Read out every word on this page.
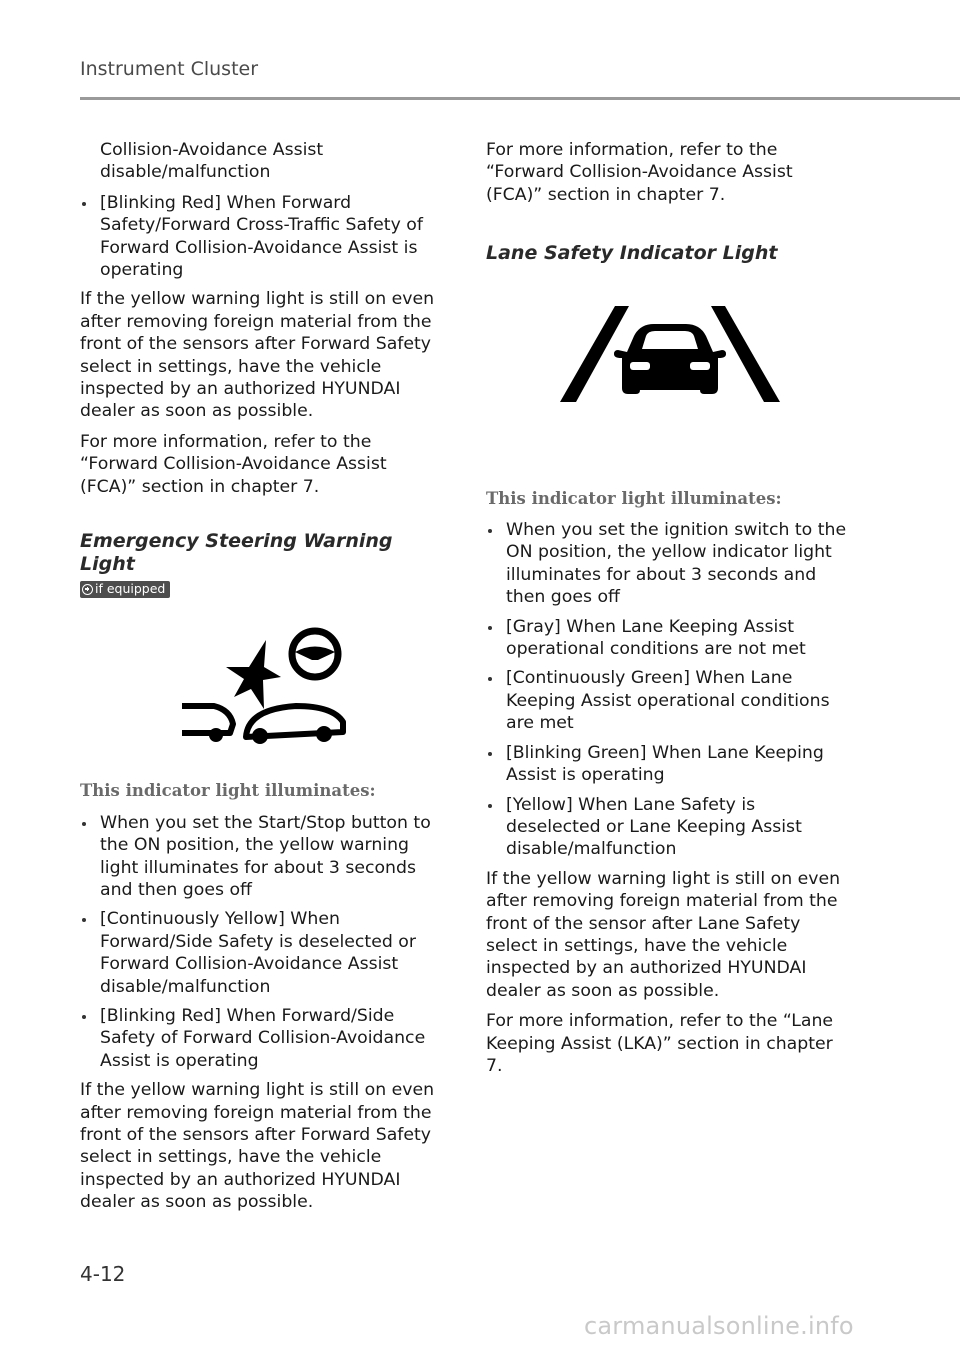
Instrument Cluster

Collision-Avoidance Assist disable/malfunction

[Blinking Red] When Forward Safety/Forward Cross-Traffic Safety of Forward Collision-Avoidance Assist is operating

If the yellow warning light is still on even after removing foreign material from the front of the sensors after Forward Safety select in settings, have the vehicle inspected by an authorized HYUNDAI dealer as soon as possible.

For more information, refer to the “Forward Collision-Avoidance Assist (FCA)” section in chapter 7.

Emergency Steering Warning Light
if equipped

This indicator light illuminates:

When you set the Start/Stop button to the ON position, the yellow warning light illuminates for about 3 seconds and then goes off
[Continuously Yellow] When Forward/Side Safety is deselected or Forward Collision-Avoidance Assist disable/malfunction
[Blinking Red] When Forward/Side Safety of Forward Collision-Avoidance Assist is operating

If the yellow warning light is still on even after removing foreign material from the front of the sensors after Forward Safety select in settings, have the vehicle inspected by an authorized HYUNDAI dealer as soon as possible.

For more information, refer to the “Forward Collision-Avoidance Assist (FCA)” section in chapter 7.

Lane Safety Indicator Light

This indicator light illuminates:

When you set the ignition switch to the ON position, the yellow indicator light illuminates for about 3 seconds and then goes off
[Gray] When Lane Keeping Assist operational conditions are not met
[Continuously Green] When Lane Keeping Assist operational conditions are met
[Blinking Green] When Lane Keeping Assist is operating
[Yellow] When Lane Safety is deselected or Lane Keeping Assist disable/malfunction

If the yellow warning light is still on even after removing foreign material from the front of the sensor after Lane Safety select in settings, have the vehicle inspected by an authorized HYUNDAI dealer as soon as possible.

For more information, refer to the “Lane Keeping Assist (LKA)” section in chapter 7.

4-12
carmanualsonline.info
